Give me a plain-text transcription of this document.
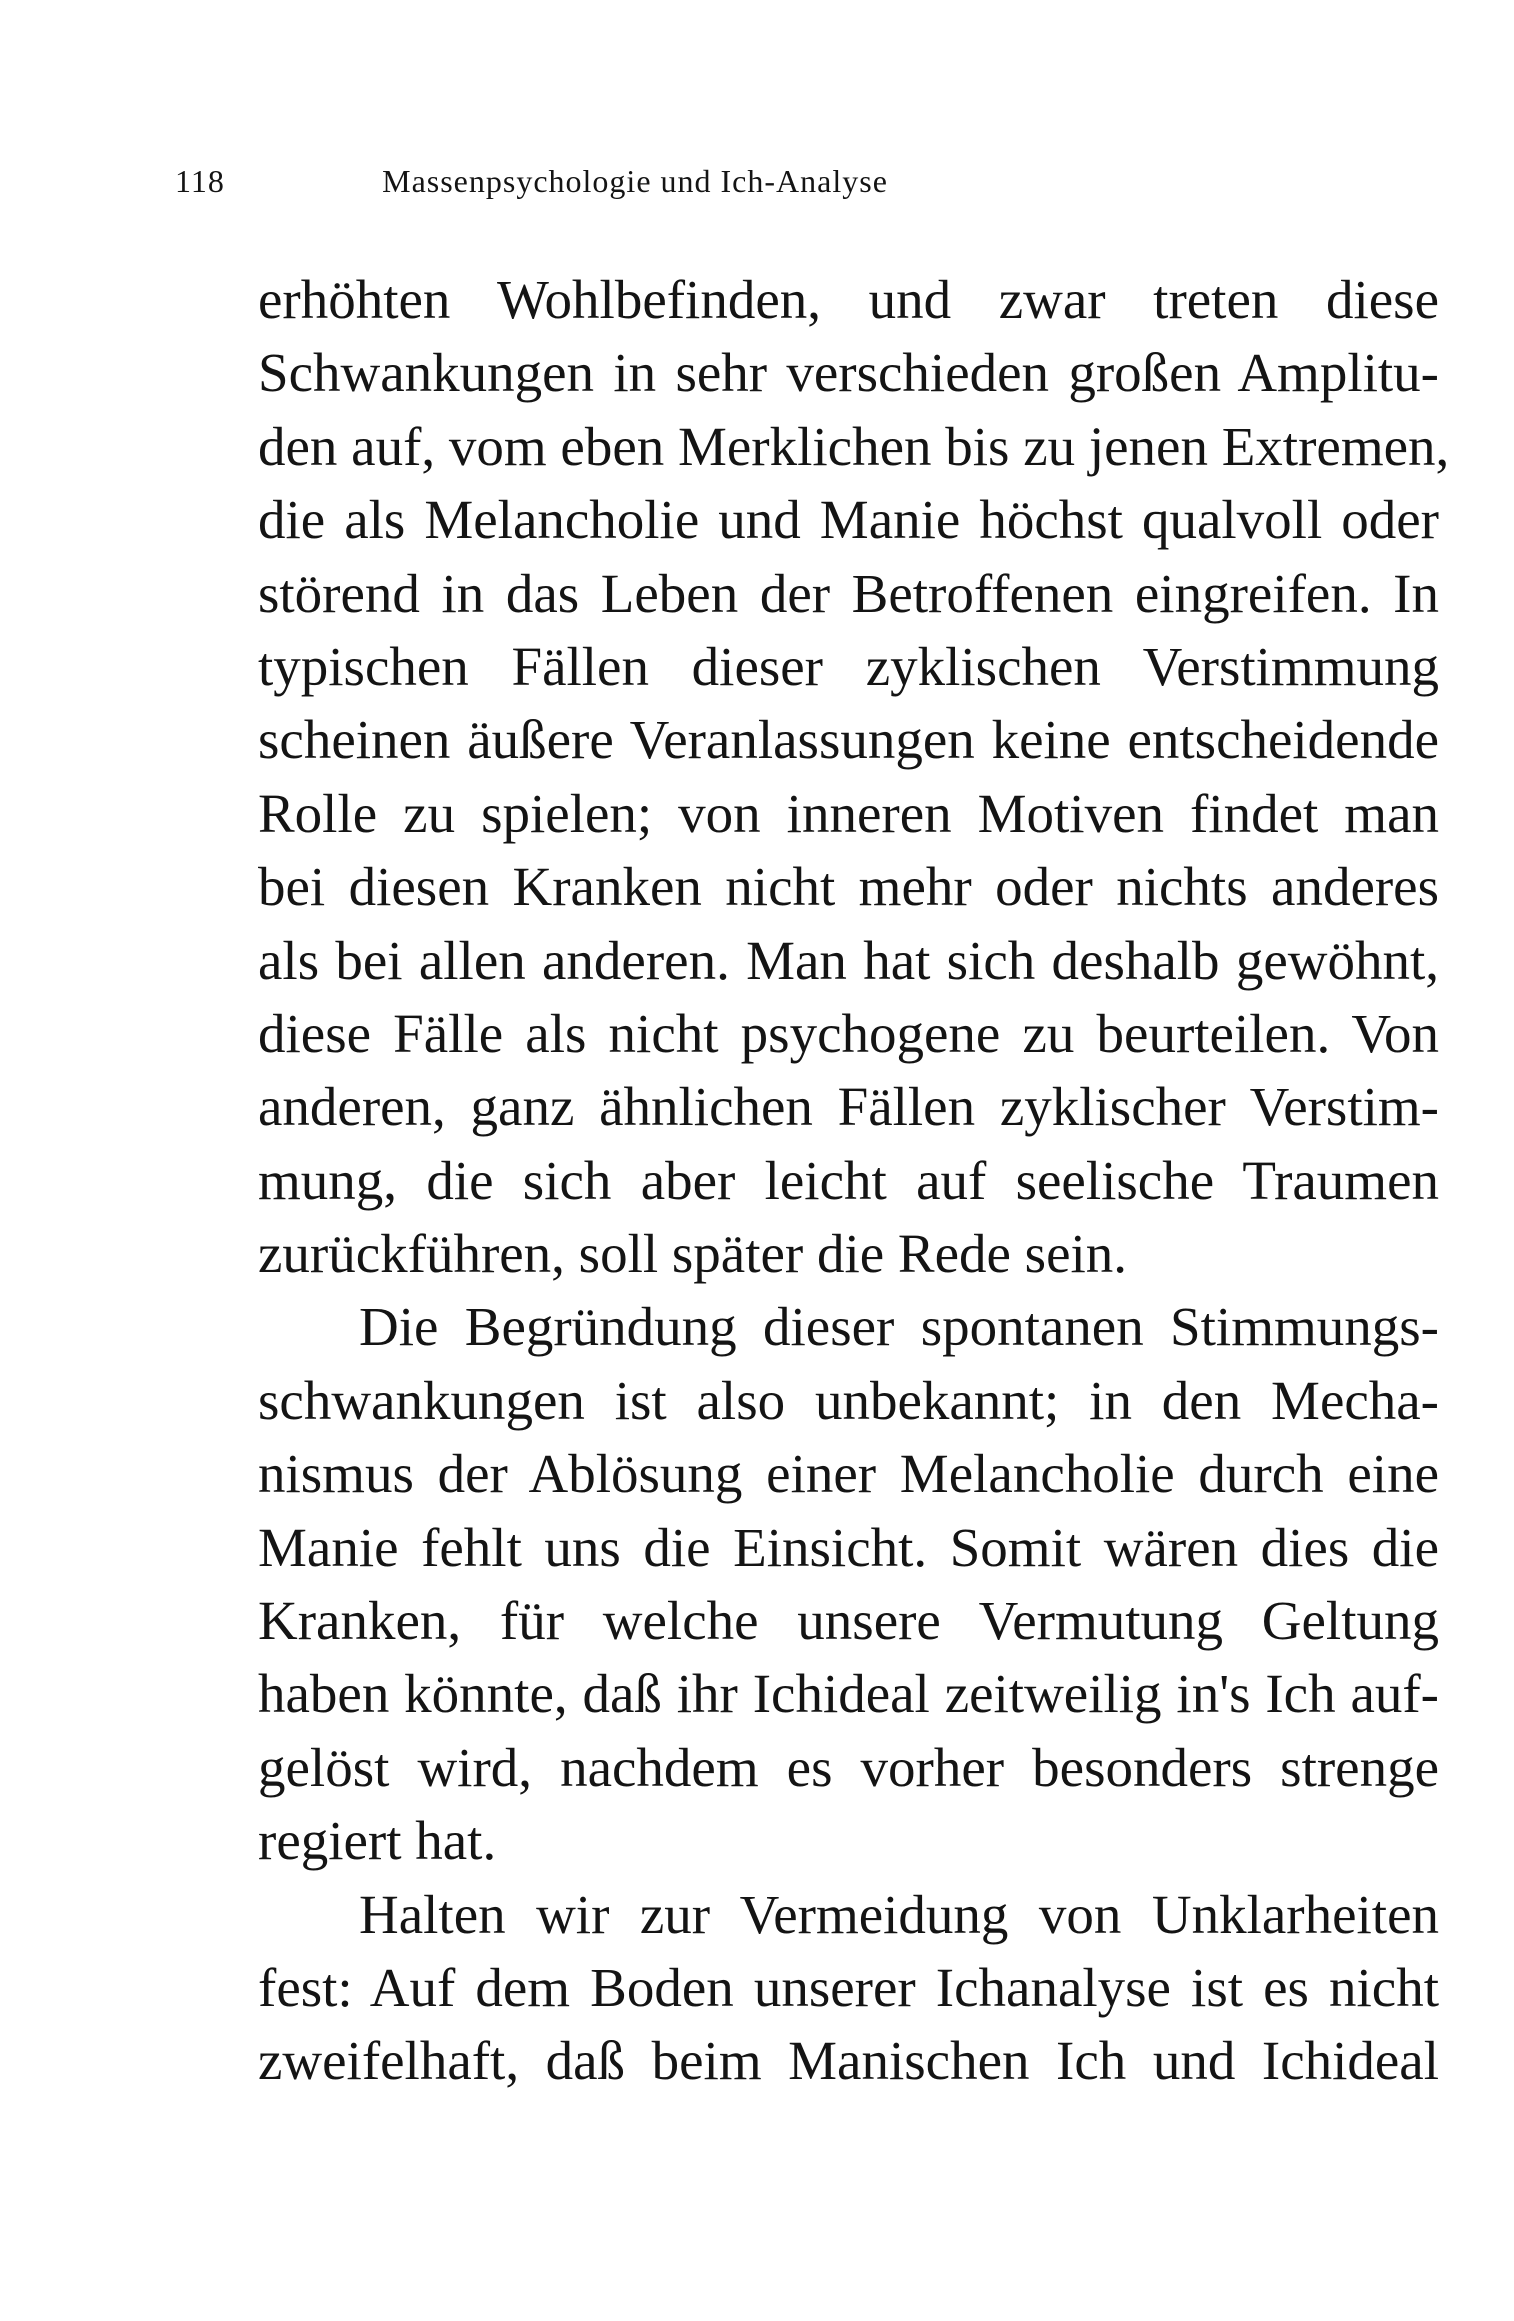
118	Massenpsychologie und Ich-Analyse
erhöhten Wohlbefinden, und zwar treten diese
Schwankungen in sehr verschieden großen Amplitu-
den auf, vom eben Merklichen bis zu jenen Extremen,
die als Melancholie und Manie höchst qualvoll oder
störend in das Leben der Betroffenen eingreifen. In
typischen Fällen dieser zyklischen Verstimmung
scheinen äußere Veranlassungen keine entscheidende
Rolle zu spielen; von inneren Motiven findet man
bei diesen Kranken nicht mehr oder nichts anderes
als bei allen anderen. Man hat sich deshalb gewöhnt,
diese Fälle als nicht psychogene zu beurteilen. Von
anderen, ganz ähnlichen Fällen zyklischer Verstim-
mung, die sich aber leicht auf seelische Traumen
zurückführen, soll später die Rede sein.
Die Begründung dieser spontanen Stimmungs-
schwankungen ist also unbekannt; in den Mecha-
nismus der Ablösung einer Melancholie durch eine
Manie fehlt uns die Einsicht. Somit wären dies die
Kranken, für welche unsere Vermutung Geltung
haben könnte, daß ihr Ichideal zeitweilig in's Ich auf-
gelöst wird, nachdem es vorher besonders strenge
regiert hat.
Halten wir zur Vermeidung von Unklarheiten
fest: Auf dem Boden unserer Ichanalyse ist es nicht
zweifelhaft, daß beim Manischen Ich und Ichideal
